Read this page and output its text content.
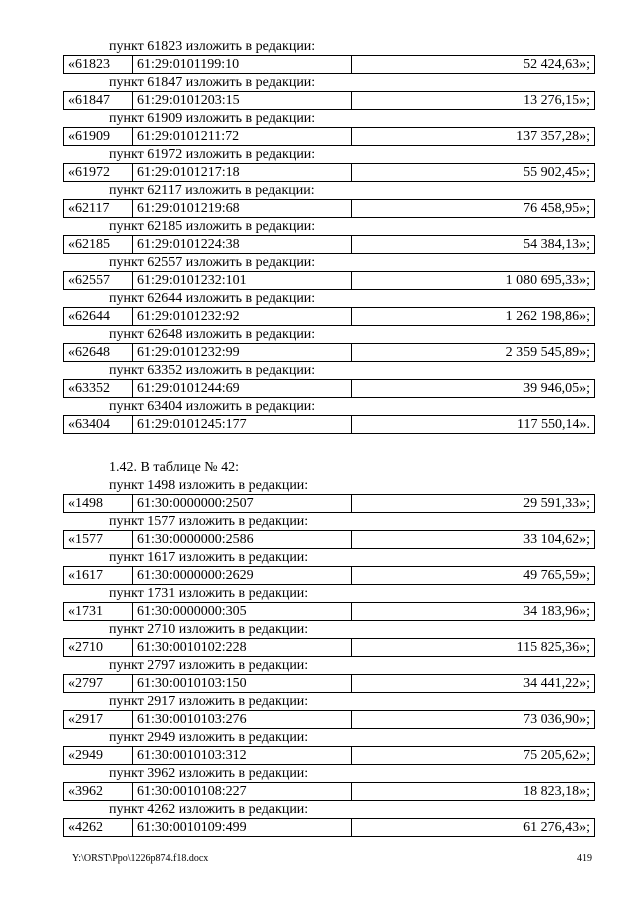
пункт 61823 изложить в редакции:
«61823	61:29:0101199:10	52 424,63»;
пункт 61847 изложить в редакции:
«61847	61:29:0101203:15	13 276,15»;
пункт 61909 изложить в редакции:
«61909	61:29:0101211:72	137 357,28»;
пункт 61972 изложить в редакции:
«61972	61:29:0101217:18	55 902,45»;
пункт 62117 изложить в редакции:
«62117	61:29:0101219:68	76 458,95»;
пункт 62185 изложить в редакции:
«62185	61:29:0101224:38	54 384,13»;
пункт 62557 изложить в редакции:
«62557	61:29:0101232:101	1 080 695,33»;
пункт 62644 изложить в редакции:
«62644	61:29:0101232:92	1 262 198,86»;
пункт 62648 изложить в редакции:
«62648	61:29:0101232:99	2 359 545,89»;
пункт 63352 изложить в редакции:
«63352	61:29:0101244:69	39 946,05»;
пункт 63404 изложить в редакции:
«63404	61:29:0101245:177	117 550,14».
1.42. В таблице № 42:
пункт 1498 изложить в редакции:
«1498	61:30:0000000:2507	29 591,33»;
пункт 1577 изложить в редакции:
«1577	61:30:0000000:2586	33 104,62»;
пункт 1617 изложить в редакции:
«1617	61:30:0000000:2629	49 765,59»;
пункт 1731 изложить в редакции:
«1731	61:30:0000000:305	34 183,96»;
пункт 2710 изложить в редакции:
«2710	61:30:0010102:228	115 825,36»;
пункт 2797 изложить в редакции:
«2797	61:30:0010103:150	34 441,22»;
пункт 2917 изложить в редакции:
«2917	61:30:0010103:276	73 036,90»;
пункт 2949 изложить в редакции:
«2949	61:30:0010103:312	75 205,62»;
пункт 3962 изложить в редакции:
«3962	61:30:0010108:227	18 823,18»;
пункт 4262 изложить в редакции:
«4262	61:30:0010109:499	61 276,43»;
Y:\ORST\Ppo\1226p874.f18.docx	419
